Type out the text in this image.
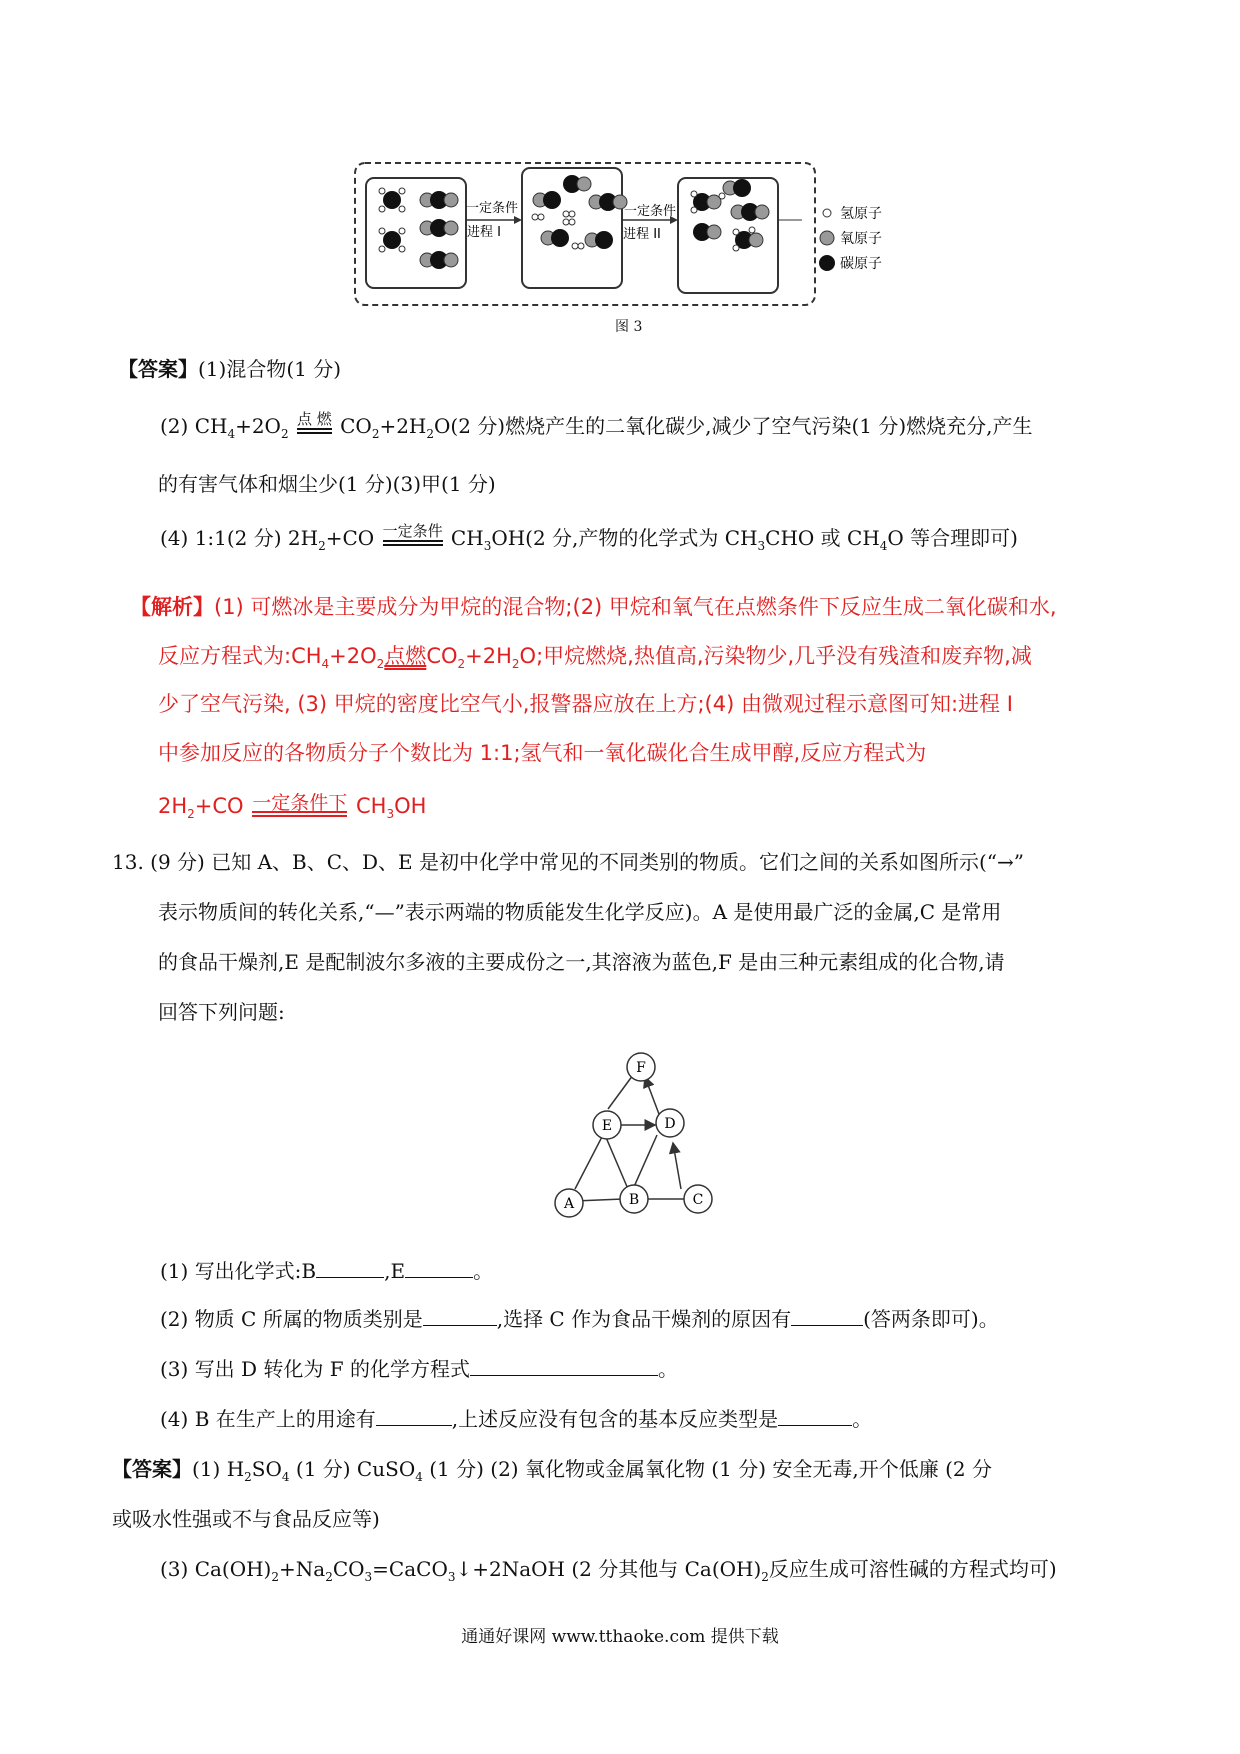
一定条件
进程 I
一定条件
进程 II
氢原子
氧原子
碳原子
图 3
【答案】(1)混合物(1 分)
(2) $CH_4+2O_2$
点 燃 $CO_2+2H_2O(2$ 分)燃烧产生的二氧化碳少,减少了空气污染(1 分)燃烧充分,产生
的有害气体和烟尘少(1 分)(3)甲(1 分)
(4) 1:1(2 分) $2H_2+CO$ 一定条件 $CH_3OH(2$ 分,产物的化学式为 $CH_3CHO$ 或 $CH_4O$ 等合理即可)
【解析】(1) 可燃冰是主要成分为甲烷的混合物;(2) 甲烷和氧气在点燃条件下反应生成二氧化碳和水,
反应方程式为$:CH_4+2O_2$点燃$CO_2+2H_2O$;甲烷燃烧,热值高,污染物少,几乎没有残渣和废弃物,减
少了空气污染, (3) 甲烷的密度比空气小,报警器应放在上方;(4) 由微观过程示意图可知:进程 I
中参加反应的各物质分子个数比为 1:1;氢气和一氧化碳化合生成甲醇,反应方程式为
$2H_2+CO$ 一定条件下 $CH_3OH$
13. (9 分) 已知 A、B、C、D、E 是初中化学中常见的不同类别的物质。它们之间的关系如图所示(“→”
表示物质间的转化关系,“—”表示两端的物质能发生化学反应)。A 是使用最广泛的金属,C 是常用
的食品干燥剂,E 是配制波尔多液的主要成份之一,其溶液为蓝色,F 是由三种元素组成的化合物,请
回答下列问题:
F
E	D
A	B	C
(1) 写出化学式:B	,E	。
(2) 物质 C 所属的物质类别是	,选择 C 作为食品干燥剂的原因有	(答两条即可)。
(3) 写出 D 转化为 F 的化学方程式	。
(4) B 在生产上的用途有	,上述反应没有包含的基本反应类型是	。
【答案】(1) $H_2SO_4$ (1 分) CuSO$_4$ (1 分) (2) 氧化物或金属氧化物 (1 分) 安全无毒,开个低廉 (2 分
或吸水性强或不与食品反应等)
(3) $Ca(OH)_2+Na_2CO_3=CaCO_3↓+2NaOH$ (2 分其他与 $Ca(OH)_2$反应生成可溶性碱的方程式均可)
通通好课网 www.tthaoke.com 提供下载
